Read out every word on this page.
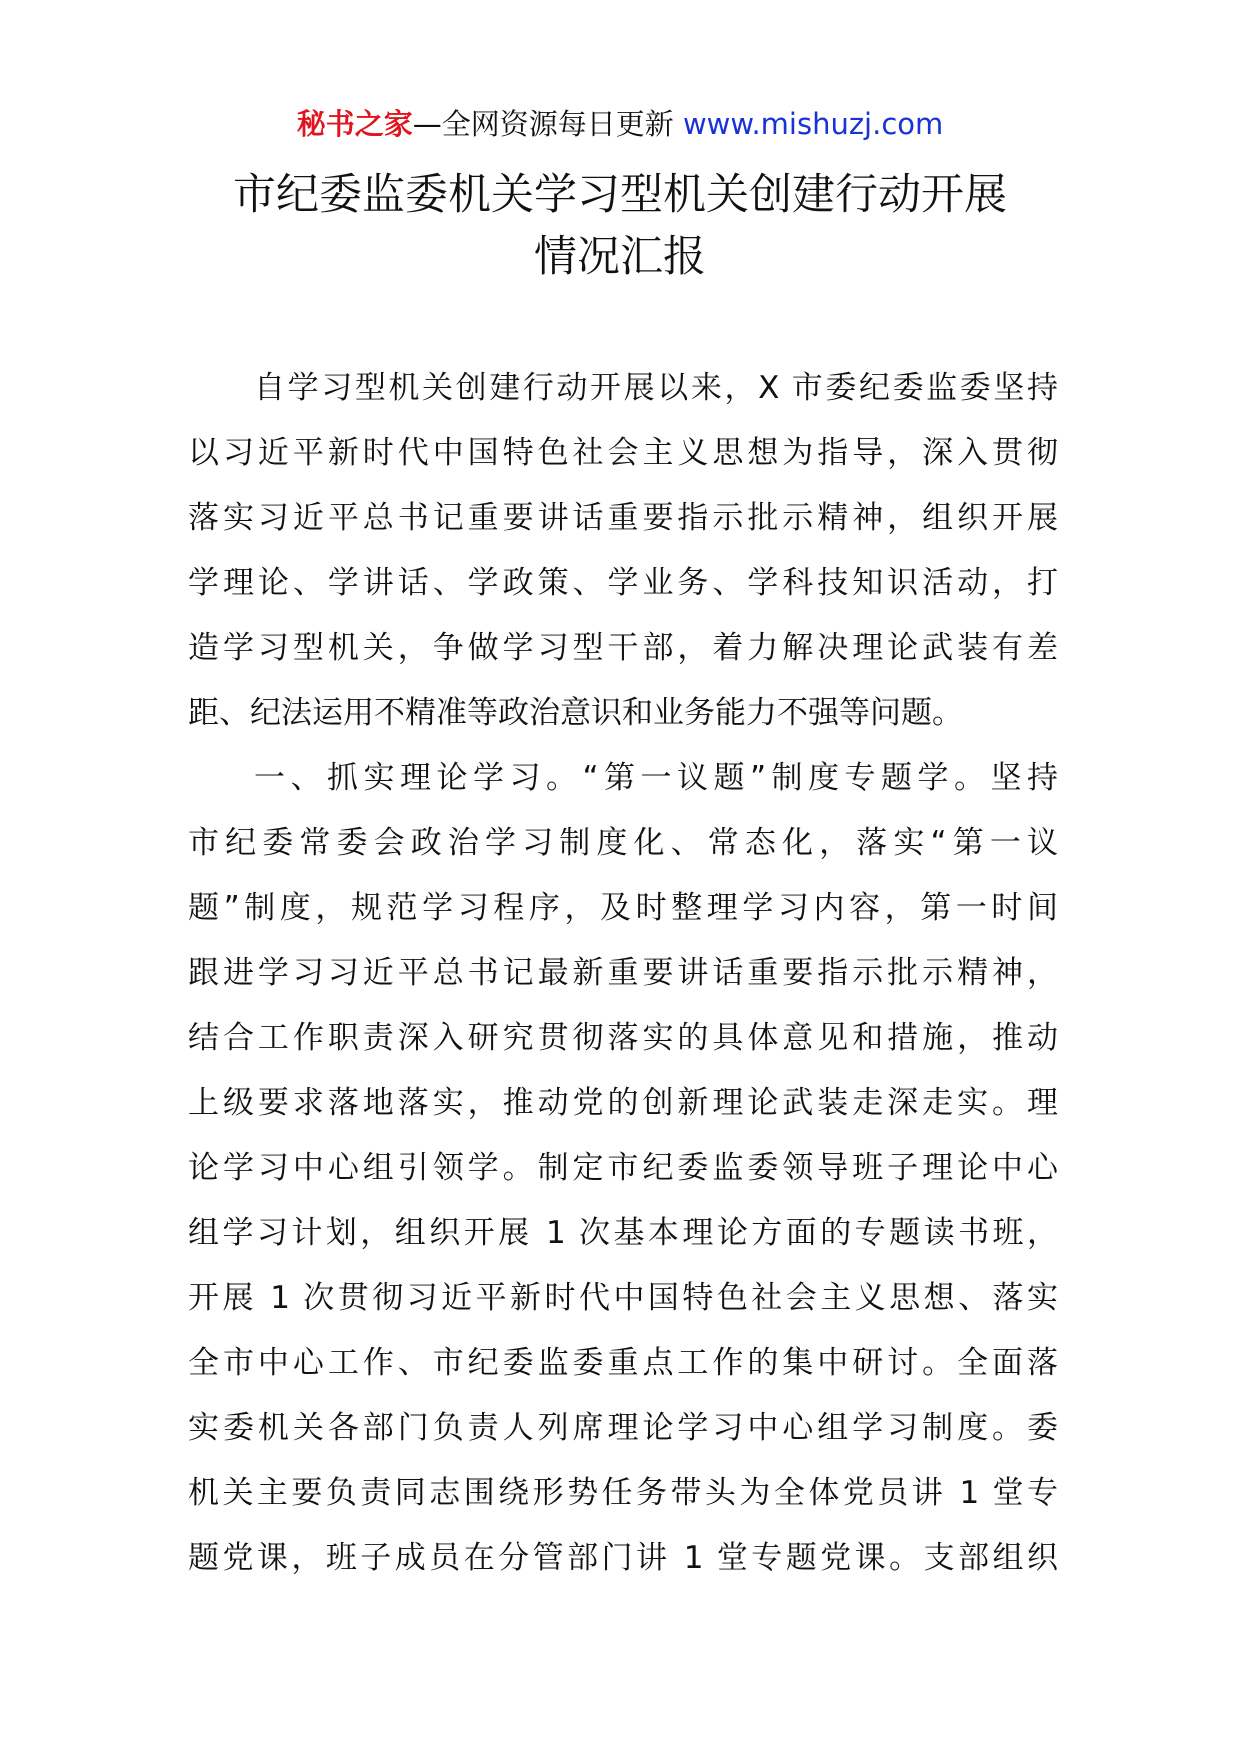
秘书之家—全网资源每日更新 www.mishuzj.com
市纪委监委机关学习型机关创建行动开展
情况汇报
自学习型机关创建行动开展以来，X 市委纪委监委坚持
以习近平新时代中国特色社会主义思想为指导，深入贯彻
落实习近平总书记重要讲话重要指示批示精神，组织开展
学理论、学讲话、学政策、学业务、学科技知识活动，打
造学习型机关，争做学习型干部，着力解决理论武装有差
距、纪法运用不精准等政治意识和业务能力不强等问题。
一、抓实理论学习。“第一议题”制度专题学。坚持
市纪委常委会政治学习制度化、常态化，落实“第一议
题”制度，规范学习程序，及时整理学习内容，第一时间
跟进学习习近平总书记最新重要讲话重要指示批示精神，
结合工作职责深入研究贯彻落实的具体意见和措施，推动
上级要求落地落实，推动党的创新理论武装走深走实。理
论学习中心组引领学。制定市纪委监委领导班子理论中心
组学习计划，组织开展 1 次基本理论方面的专题读书班，
开展 1 次贯彻习近平新时代中国特色社会主义思想、落实
全市中心工作、市纪委监委重点工作的集中研讨。全面落
实委机关各部门负责人列席理论学习中心组学习制度。委
机关主要负责同志围绕形势任务带头为全体党员讲 1 堂专
题党课，班子成员在分管部门讲 1 堂专题党课。支部组织
